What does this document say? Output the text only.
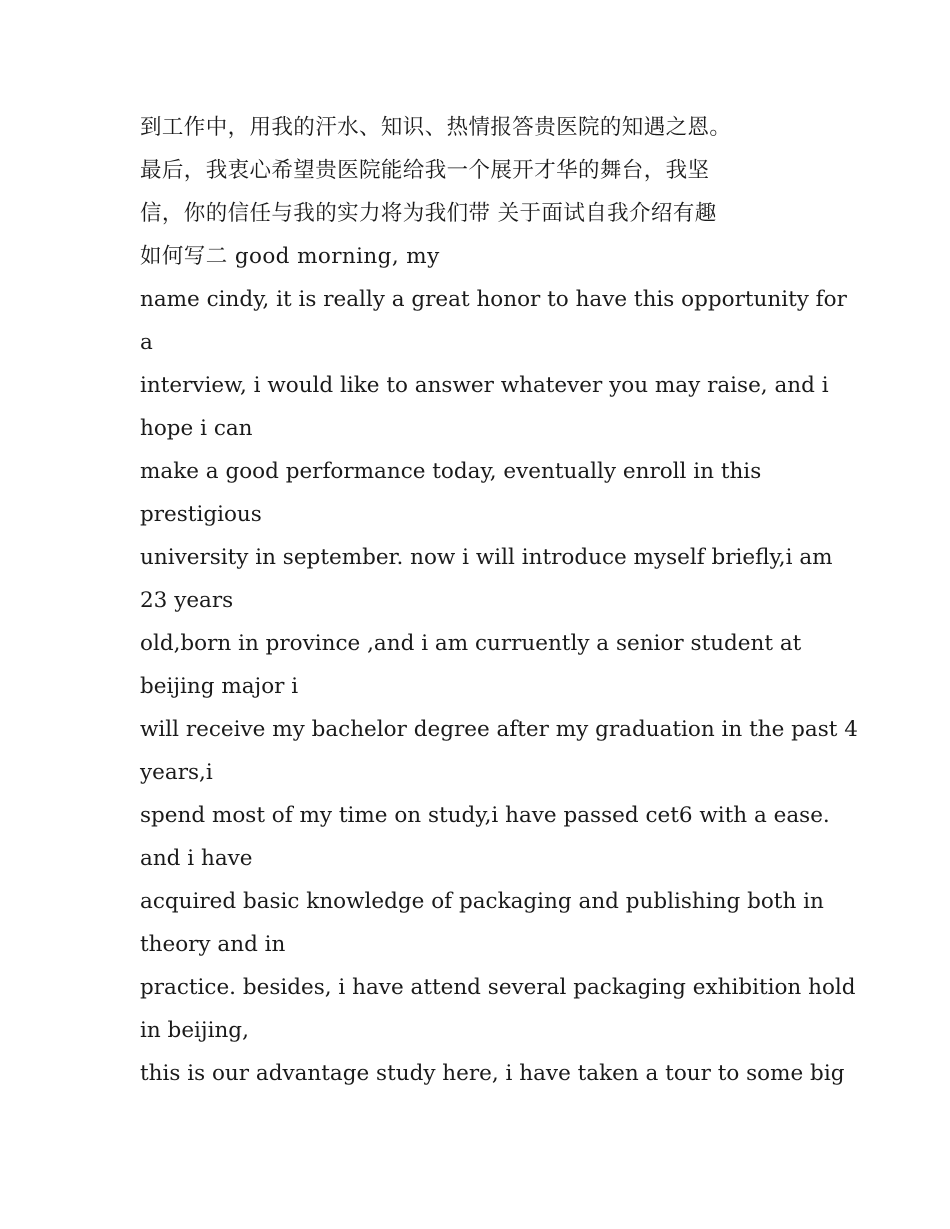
到工作中，用我的汗水、知识、热情报答贵医院的知遇之恩。
最后，我衷心希望贵医院能给我一个展开才华的舞台，我坚
信，你的信任与我的实力将为我们带 关于面试自我介绍有趣
如何写二 good morning, my
name cindy, it is really a great honor to have this opportunity for
a
interview, i would like to answer whatever you may raise, and i
hope i can
make a good performance today, eventually enroll in this
prestigious
university in september. now i will introduce myself briefly,i am
23 years
old,born in province ,and i am curruently a senior student at
beijing major i
will receive my bachelor degree after my graduation in the past 4
years,i
spend most of my time on study,i have passed cet6 with a ease.
and i have
acquired basic knowledge of packaging and publishing both in
theory and in
practice. besides, i have attend several packaging exhibition hold
in beijing,
this is our advantage study here, i have taken a tour to some big
